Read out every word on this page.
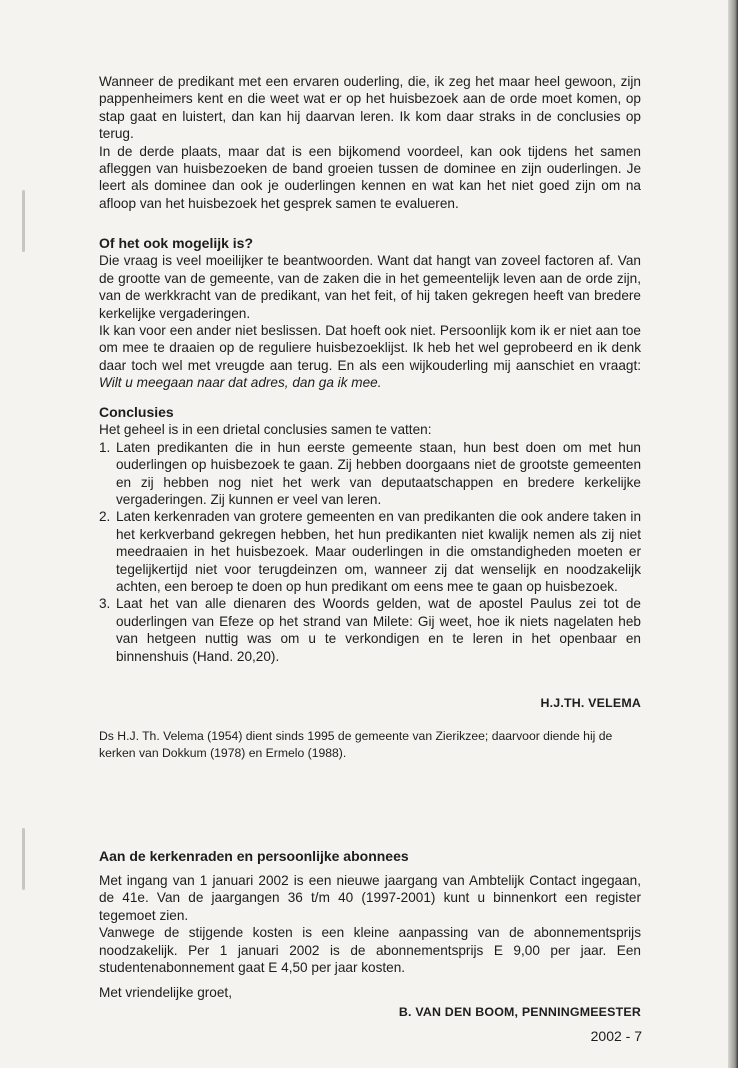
Wanneer de predikant met een ervaren ouderling, die, ik zeg het maar heel gewoon, zijn pappenheimers kent en die weet wat er op het huisbezoek aan de orde moet komen, op stap gaat en luistert, dan kan hij daarvan leren. Ik kom daar straks in de conclusies op terug.

In de derde plaats, maar dat is een bijkomend voordeel, kan ook tijdens het samen afleggen van huisbezoeken de band groeien tussen de dominee en zijn ouderlingen. Je leert als dominee dan ook je ouderlingen kennen en wat kan het niet goed zijn om na afloop van het huisbezoek het gesprek samen te evalueren.

Of het ook mogelijk is?

Die vraag is veel moeilijker te beantwoorden. Want dat hangt van zoveel factoren af. Van de grootte van de gemeente, van de zaken die in het gemeentelijk leven aan de orde zijn, van de werkkracht van de predikant, van het feit, of hij taken gekregen heeft van bredere kerkelijke vergaderingen.

Ik kan voor een ander niet beslissen. Dat hoeft ook niet. Persoonlijk kom ik er niet aan toe om mee te draaien op de reguliere huisbezoeklijst. Ik heb het wel geprobeerd en ik denk daar toch wel met vreugde aan terug. En als een wijkouderling mij aanschiet en vraagt: Wilt u meegaan naar dat adres, dan ga ik mee.

Conclusies

Het geheel is in een drietal conclusies samen te vatten:

1. Laten predikanten die in hun eerste gemeente staan, hun best doen om met hun ouderlingen op huisbezoek te gaan. Zij hebben doorgaans niet de grootste gemeenten en zij hebben nog niet het werk van deputaatschappen en bredere kerkelijke vergaderingen. Zij kunnen er veel van leren.
2. Laten kerkenraden van grotere gemeenten en van predikanten die ook andere taken in het kerkverband gekregen hebben, het hun predikanten niet kwalijk nemen als zij niet meedraaien in het huisbezoek. Maar ouderlingen in die omstandigheden moeten er tegelijkertijd niet voor terugdeinzen om, wanneer zij dat wenselijk en noodzakelijk achten, een beroep te doen op hun predikant om eens mee te gaan op huisbezoek.
3. Laat het van alle dienaren des Woords gelden, wat de apostel Paulus zei tot de ouderlingen van Efeze op het strand van Milete: Gij weet, hoe ik niets nagelaten heb van hetgeen nuttig was om u te verkondigen en te leren in het openbaar en binnenshuis (Hand. 20,20).
H.J.TH. VELEMA
Ds H.J. Th. Velema (1954) dient sinds 1995 de gemeente van Zierikzee; daarvoor diende hij de kerken van Dokkum (1978) en Ermelo (1988).

Aan de kerkenraden en persoonlijke abonnees

Met ingang van 1 januari 2002 is een nieuwe jaargang van Ambtelijk Contact ingegaan, de 41e. Van de jaargangen 36 t/m 40 (1997-2001) kunt u binnenkort een register tegemoet zien.

Vanwege de stijgende kosten is een kleine aanpassing van de abonnementsprijs noodzakelijk. Per 1 januari 2002 is de abonnementsprijs E 9,00 per jaar. Een studentenabonnement gaat E 4,50 per jaar kosten.

Met vriendelijke groet,
B. VAN DEN BOOM, PENNINGMEESTER
2002 - 7
